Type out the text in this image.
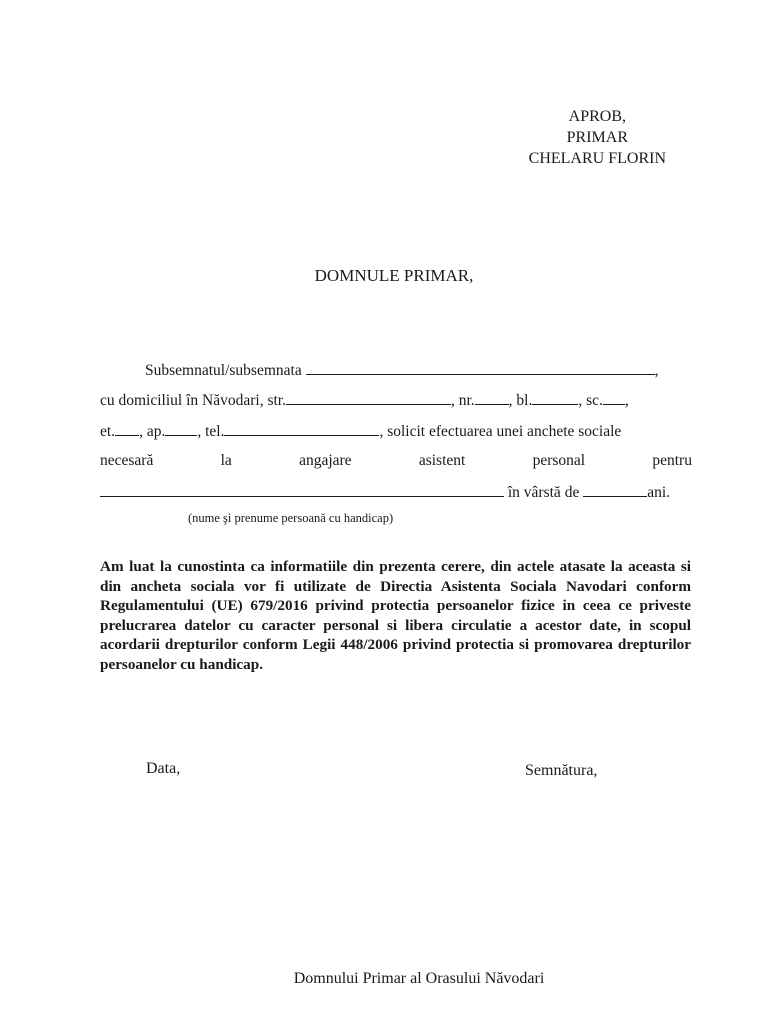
APROB,
PRIMAR
CHELARU FLORIN
DOMNULE PRIMAR,
Subsemnatul/subsemnata	,
cu domiciliul în Năvodari, str.	, nr. , bl.	, sc. ,
et. , ap. , tel.	, solicit efectuarea unei anchete sociale
necesară	la	angajare	asistent	personal	pentru
în vârstă de	ani.
(nume şi prenume persoană cu handicap)
Am luat la cunostinta ca informatiile din prezenta cerere, din actele atasate la aceasta si din ancheta sociala vor fi utilizate de Directia Asistenta Sociala Navodari conform Regulamentului (UE) 679/2016 privind protectia persoanelor fizice in ceea ce priveste prelucrarea datelor cu caracter personal si libera circulatie a acestor date, in scopul acordarii drepturilor conform Legii 448/2006 privind protectia si promovarea drepturilor persoanelor cu handicap.
Data,	Semnătura,
Domnului Primar al Orasului Năvodari
